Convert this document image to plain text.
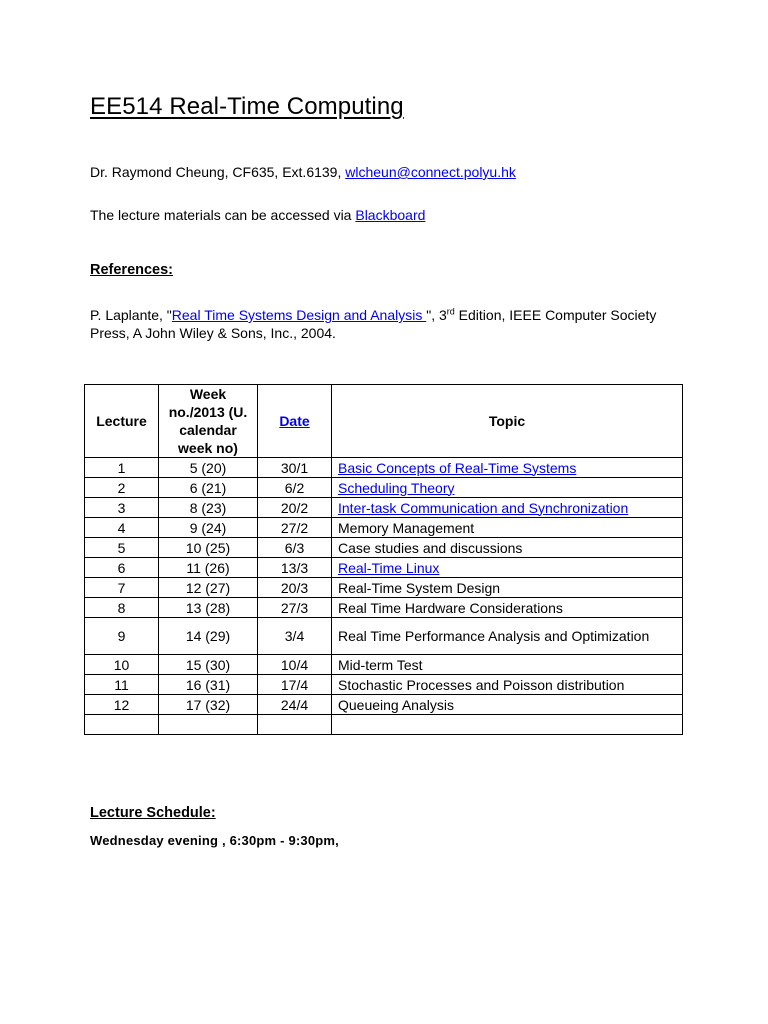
EE514 Real-Time Computing
Dr. Raymond Cheung, CF635, Ext.6139, wlcheun@connect.polyu.hk
The lecture materials can be accessed via Blackboard
References:
P. Laplante, "Real Time Systems Design and Analysis ", 3rd Edition, IEEE Computer Society Press, A John Wiley & Sons, Inc., 2004.
Lecture	Week no./2013 (U. calendar week no)	Date	Topic
1	5 (20)	30/1	Basic Concepts of Real-Time Systems
2	6 (21)	6/2	Scheduling Theory
3	8 (23)	20/2	Inter-task Communication and Synchronization
4	9 (24)	27/2	Memory Management
5	10 (25)	6/3	Case studies and discussions
6	11 (26)	13/3	Real-Time Linux
7	12 (27)	20/3	Real-Time System Design
8	13 (28)	27/3	Real Time Hardware Considerations
9	14 (29)	3/4	Real Time Performance Analysis and Optimization
10	15 (30)	10/4	Mid-term Test
11	16 (31)	17/4	Stochastic Processes and Poisson distribution
12	17 (32)	24/4	Queueing Analysis

Lecture Schedule:
Wednesday evening , 6:30pm - 9:30pm,
